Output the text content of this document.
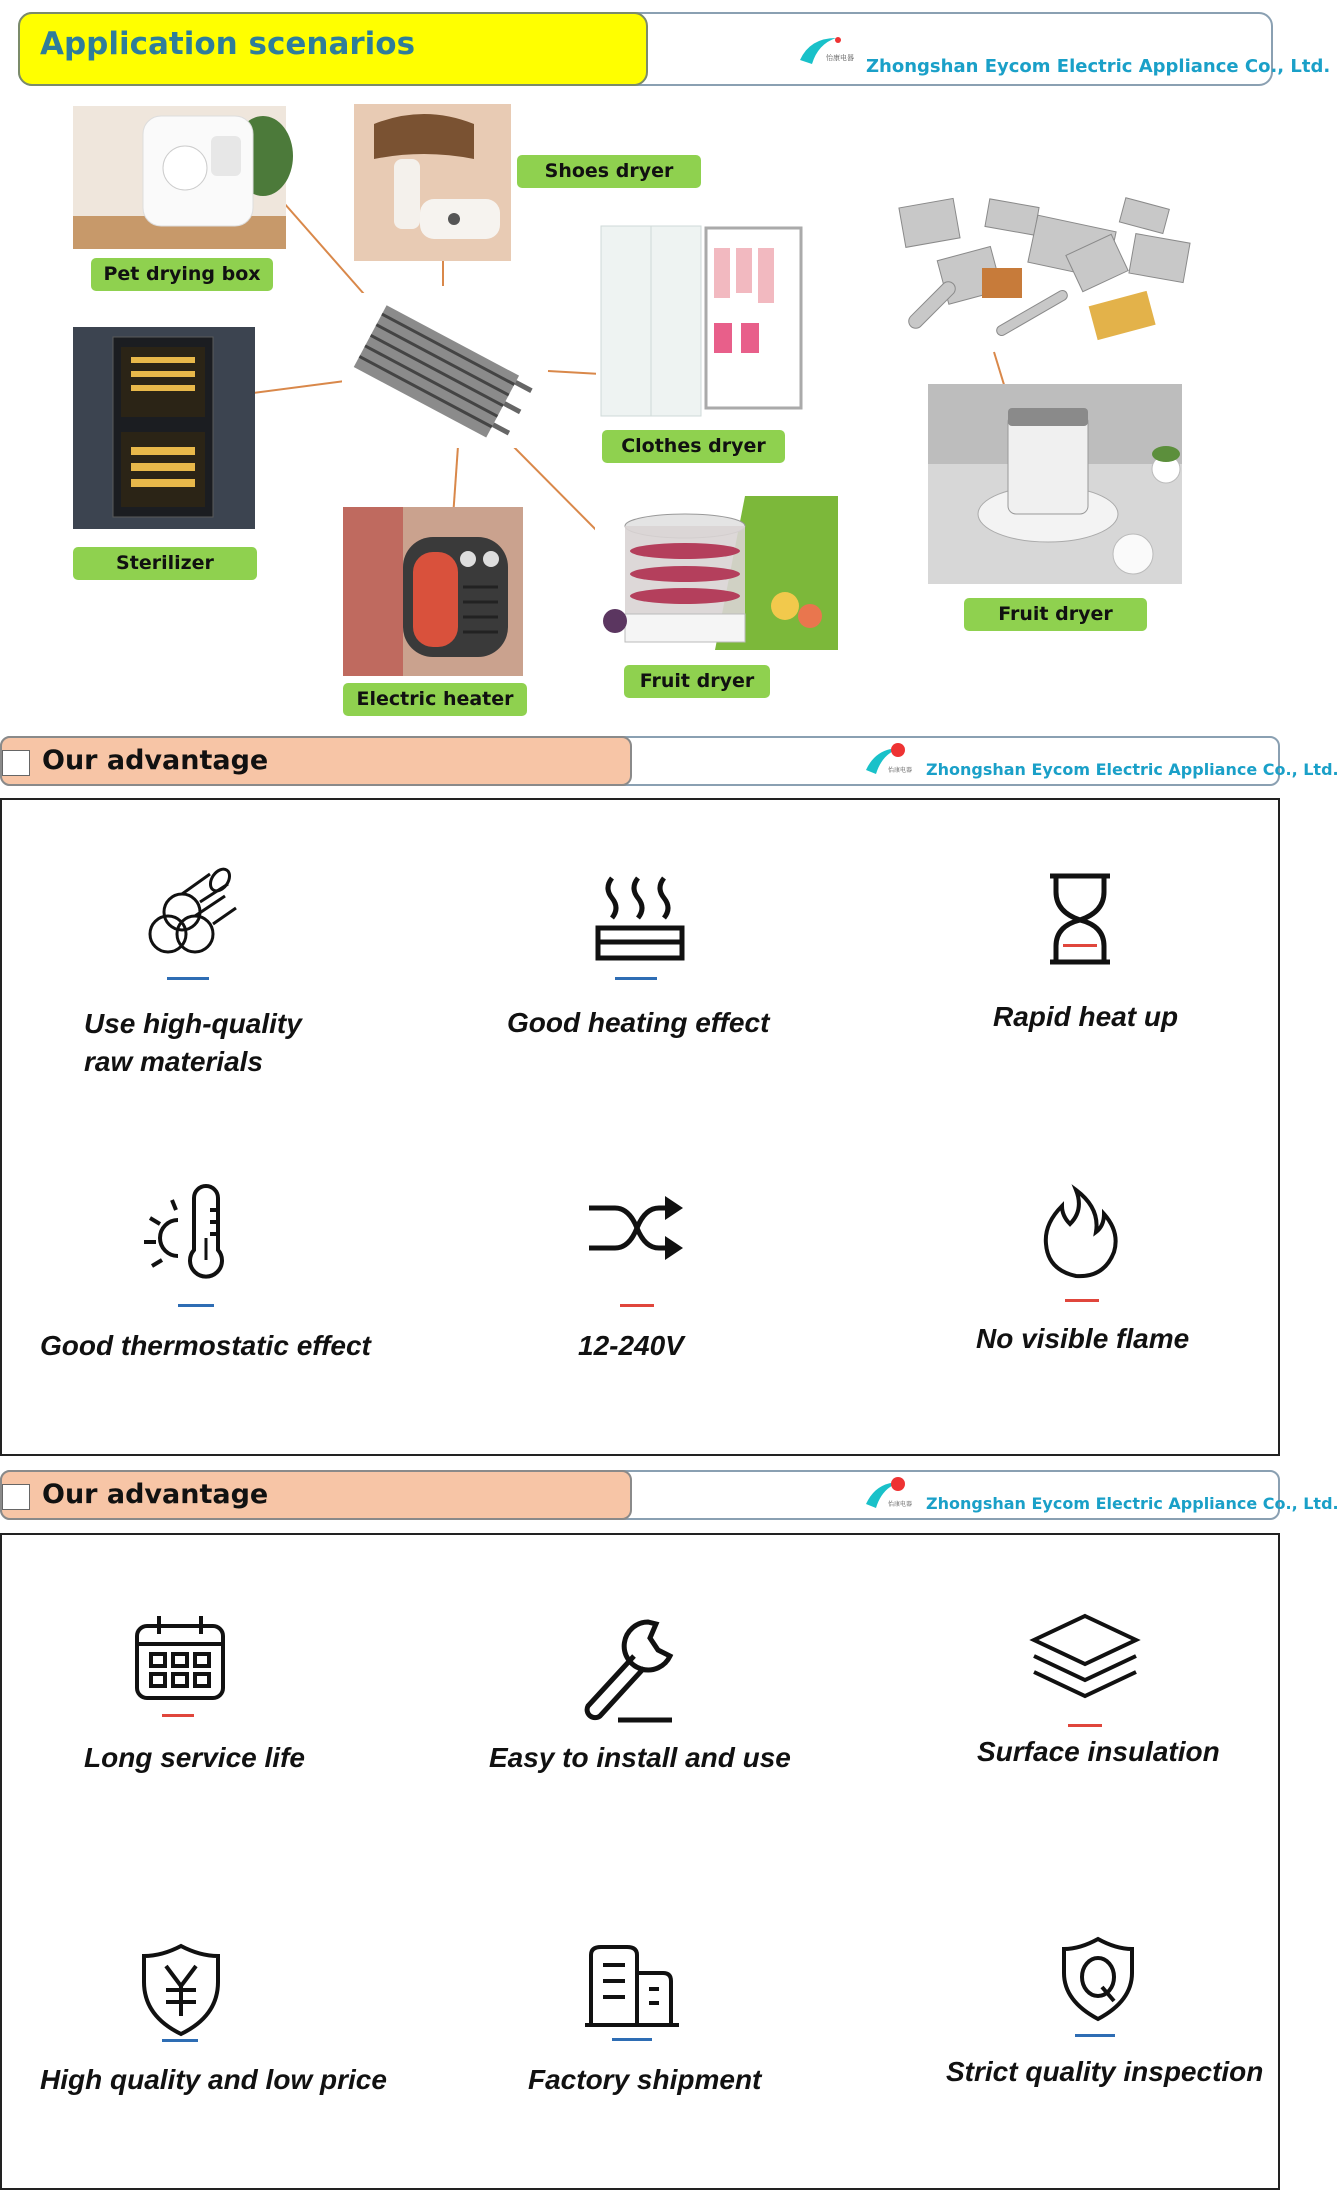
Application scenarios	怡康电器 Zhongshan Eycom Electric Appliance Co., Ltd.
Pet drying box
Shoes dryer
Sterilizer
Clothes dryer
Electric heater
Fruit dryer
Fruit dryer
Our advantage	怡康电器 Zhongshan Eycom Electric Appliance Co., Ltd.
Use high-quality
raw materials
Good heating effect	Rapid heat up
Good thermostatic effect	12-240V	No visible flame
Our advantage	怡康电器 Zhongshan Eycom Electric Appliance Co., Ltd.
Long service life	Easy to install and use	Surface insulation
High quality and low price	Factory shipment	Strict quality inspection
